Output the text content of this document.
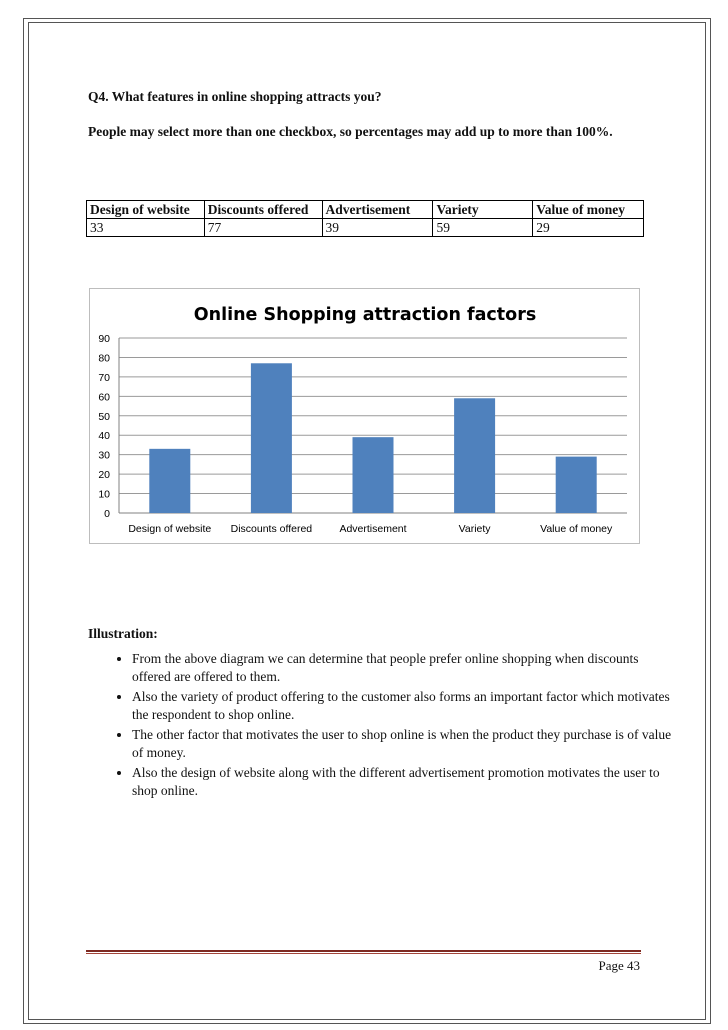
Q4. What features in online shopping attracts you?
People may select more than one checkbox, so percentages may add up to more than 100%.
Design of website	Discounts offered	Advertisement	Variety	Value of money
33	77	39	59	29
Online Shopping attraction factors
0
10
20
30
40
50
60
70
80
90
Design of website Discounts offered	Advertisement	Variety	Value of money
Illustration:
• From the above diagram we can determine that people prefer online shopping when discounts offered are offered to them.
• Also the variety of product offering to the customer also forms an important factor which motivates the respondent to shop online.
• The other factor that motivates the user to shop online is when the product they purchase is of value of money.
• Also the design of website along with the different advertisement promotion motivates the user to shop online.
Page 43
